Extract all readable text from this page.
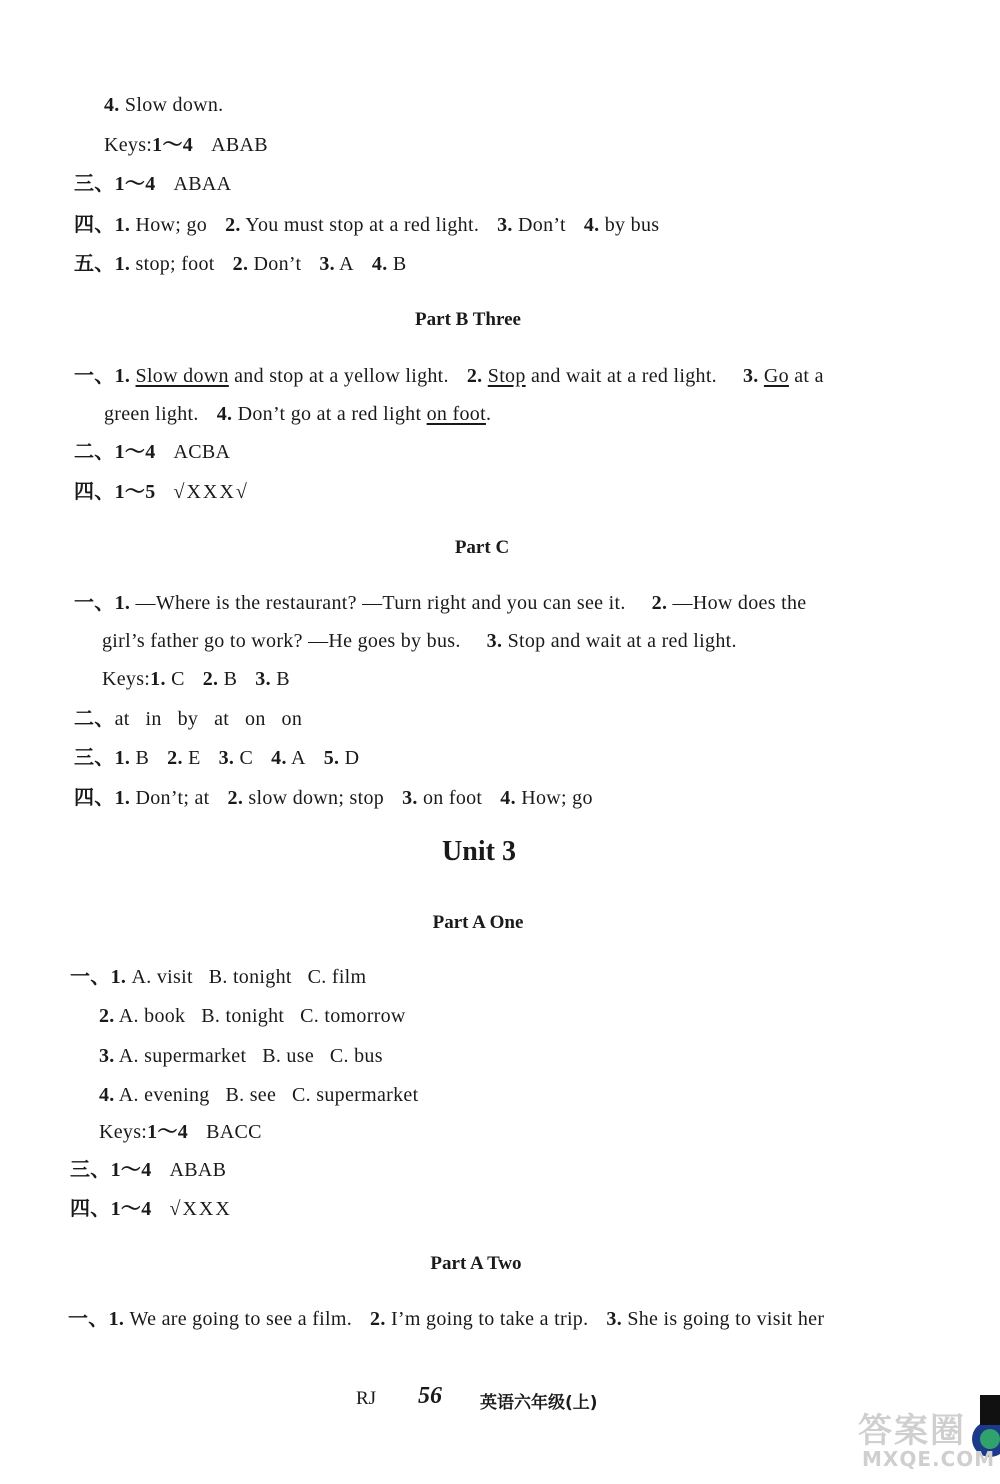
4. Slow down.
Keys:1～4 ABAB
三、1～4 ABAA
四、1. How; go 2. You must stop at a red light. 3. Don’t 4. by bus
五、1. stop; foot 2. Don’t 3. A 4. B
Part B Three
一、1. Slow down and stop at a yellow light. 2. Stop and wait at a red light. 3. Go at a
green light. 4. Don’t go at a red light on foot.
二、1～4 ACBA
四、1～5 √XXX√
Part C
一、1. —Where is the restaurant? —Turn right and you can see it. 2. —How does the
girl’s father go to work? —He goes by bus. 3. Stop and wait at a red light.
Keys:1. C 2. B 3. B
二、at   in   by   at   on   on
三、1. B 2. E 3. C 4. A 5. D
四、1. Don’t; at 2. slow down; stop 3. on foot 4. How; go
Unit 3
Part A One
一、1. A. visit   B. tonight   C. film
2. A. book   B. tonight   C. tomorrow
3. A. supermarket   B. use   C. bus
4. A. evening   B. see   C. supermarket
Keys:1～4 BACC
三、1～4 ABAB
四、1～4 √XXX
Part A Two
一、1. We are going to see a film. 2. I’m going to take a trip. 3. She is going to visit her
RJ 56 英语六年级(上)
答案圈
MXQE.COM
